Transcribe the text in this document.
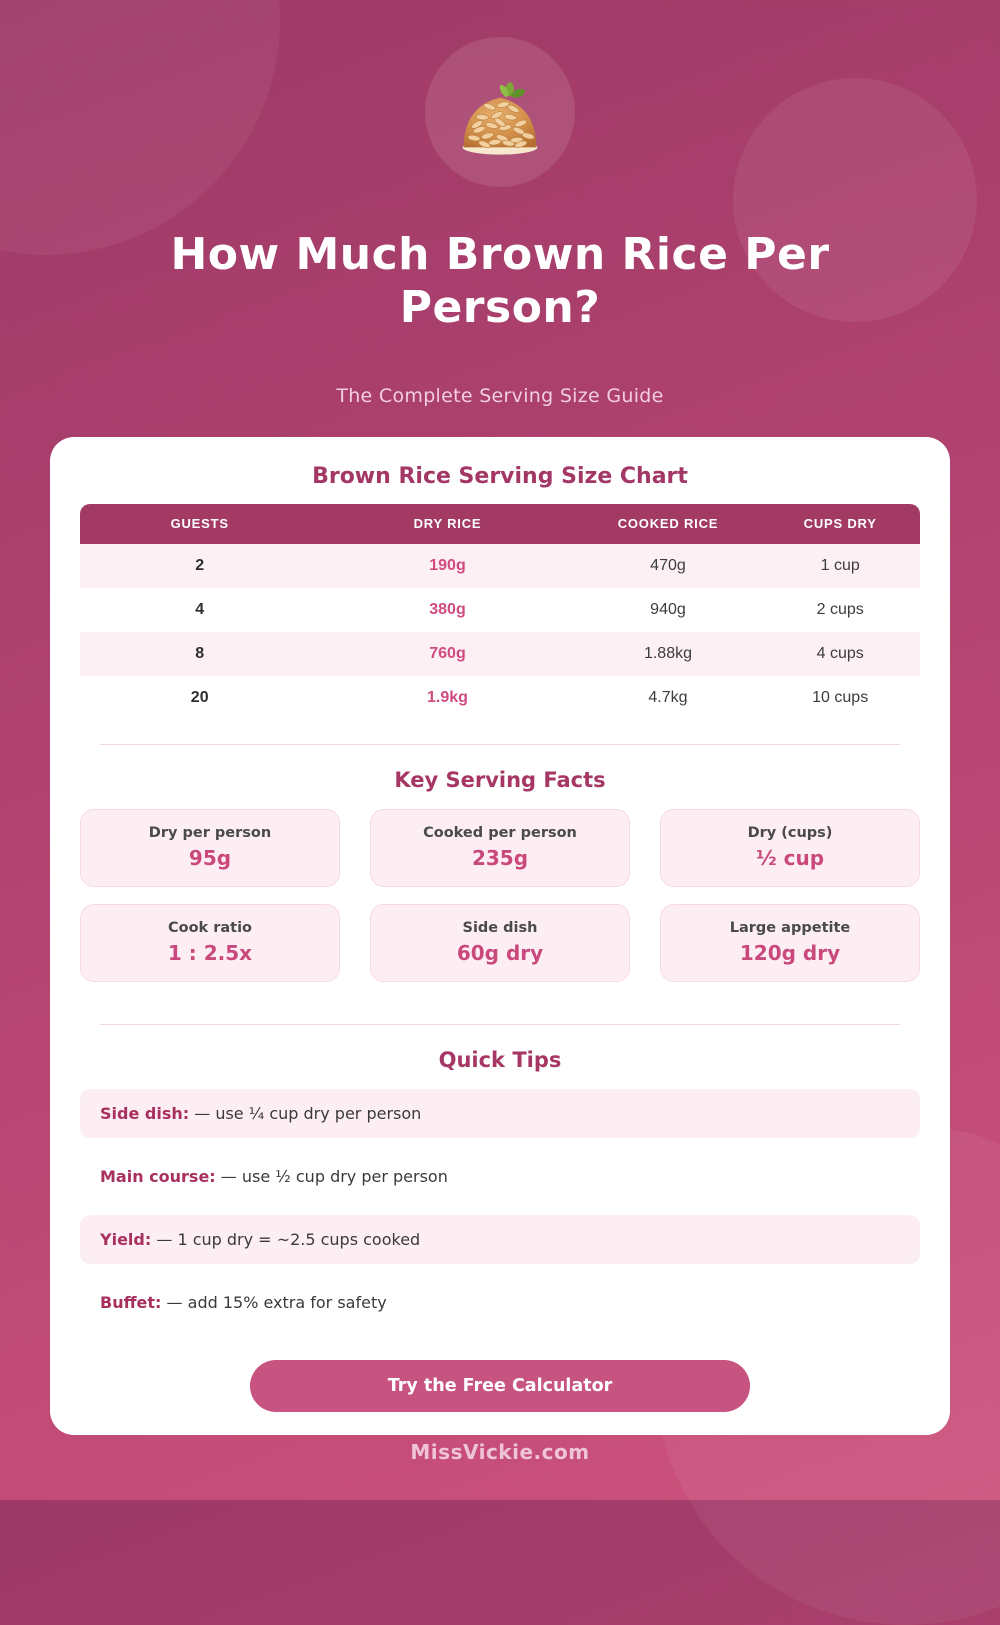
How Much Brown Rice Per Person?
The Complete Serving Size Guide
Brown Rice Serving Size Chart
GUESTS	DRY RICE	COOKED RICE	CUPS DRY
2	190g	470g	1 cup
4	380g	940g	2 cups
8	760g	1.88kg	4 cups
20	1.9kg	4.7kg	10 cups
Key Serving Facts
Dry per person
95g
Cooked per person
235g
Dry (cups)
½ cup
Cook ratio
1 : 2.5x
Side dish
60g dry
Large appetite
120g dry
Quick Tips
Side dish: — use ¼ cup dry per person
Main course: — use ½ cup dry per person
Yield: — 1 cup dry = ~2.5 cups cooked
Buffet: — add 15% extra for safety
Try the Free Calculator
MissVickie.com
